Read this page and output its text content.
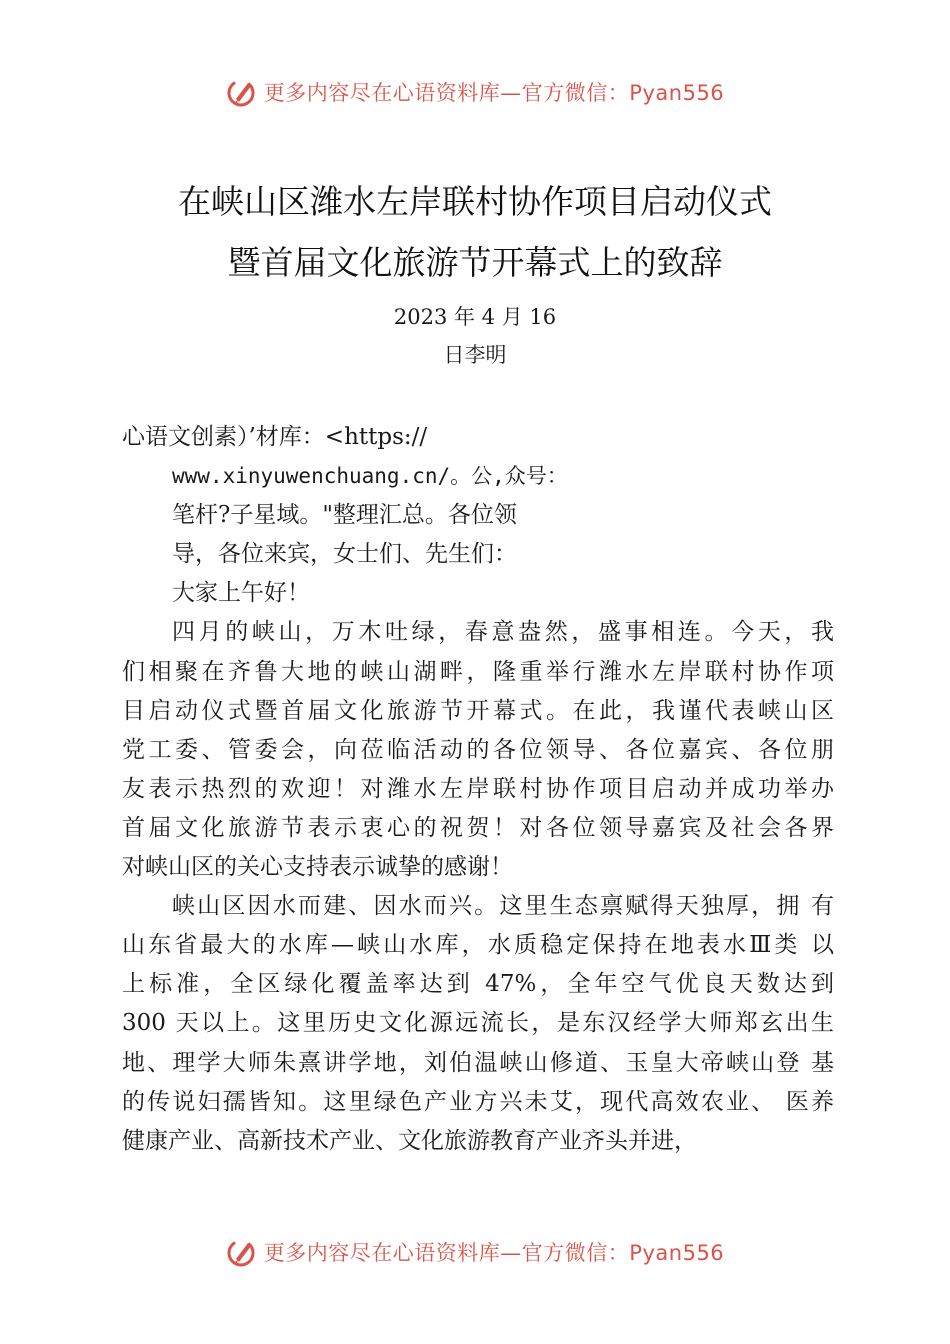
更多内容尽在心语资料库—官方微信：Pyan556
在峡山区潍水左岸联村协作项目启动仪式
暨首届文化旅游节开幕式上的致辞
2023 年 4 月 16
日李明
心语文创素）’材库：<https://
www.xinyuwenchuang.cn/。公,众号：
笔杆?子星域。"整理汇总。各位领
导，各位来宾，女士们、先生们：
大家上午好！
四月的峡山，万木吐绿，春意盎然，盛事相连。今天，我
们相聚在齐鲁大地的峡山湖畔，隆重举行潍水左岸联村协作项
目启动仪式暨首届文化旅游节开幕式。在此，我谨代表峡山区
党工委、管委会，向莅临活动的各位领导、各位嘉宾、各位朋
友表示热烈的欢迎！对潍水左岸联村协作项目启动并成功举办
首届文化旅游节表示衷心的祝贺！对各位领导嘉宾及社会各界
对峡山区的关心支持表示诚挚的感谢！
峡山区因水而建、因水而兴。这里生态禀赋得天独厚，拥 有
山东省最大的水库—峡山水库，水质稳定保持在地表水Ⅲ类 以
上标准，全区绿化覆盖率达到 47%，全年空气优良天数达到
300 天以上。这里历史文化源远流长，是东汉经学大师郑玄出生
地、理学大师朱熹讲学地，刘伯温峡山修道、玉皇大帝峡山登 基
的传说妇孺皆知。这里绿色产业方兴未艾，现代高效农业、 医养
健康产业、高新技术产业、文化旅游教育产业齐头并进，
更多内容尽在心语资料库—官方微信：Pyan556
